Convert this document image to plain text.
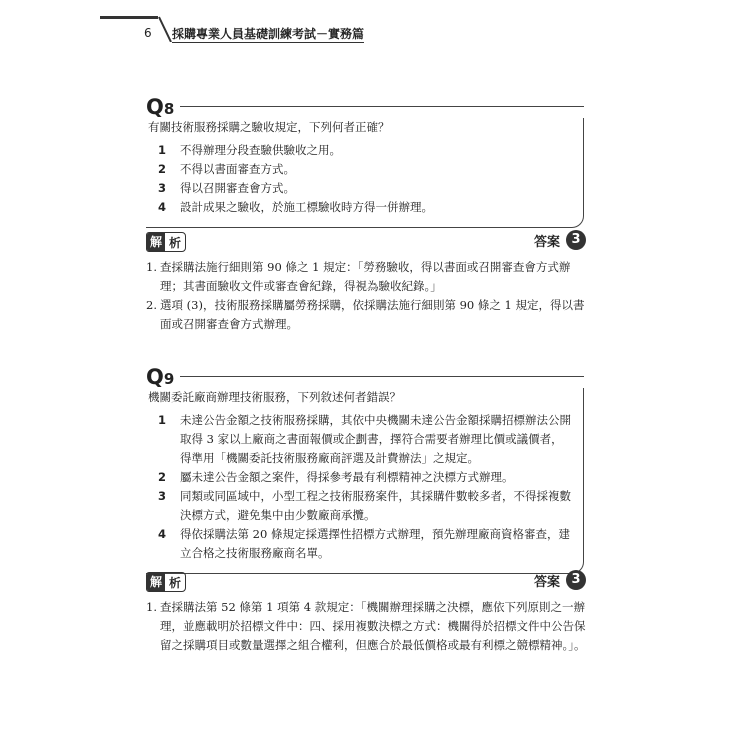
6 採購專業人員基礎訓練考試－實務篇
Q8
有關技術服務採購之驗收規定，下列何者正確？
1	不得辦理分段查驗供驗收之用。
2	不得以書面審查方式。
3	得以召開審查會方式。
4	設計成果之驗收，於施工標驗收時方得一併辦理。
解 析	答案 3
1. 查採購法施行細則第 90 條之 1 規定：「勞務驗收，得以書面或召開審查會方式辦理；其書面驗收文件或審查會紀錄，得視為驗收紀錄。」
2. 選項 (3)，技術服務採購屬勞務採購，依採購法施行細則第 90 條之 1 規定，得以書面或召開審查會方式辦理。
Q9
機關委託廠商辦理技術服務，下列敘述何者錯誤？
1	未達公告金額之技術服務採購，其依中央機關未達公告金額採購招標辦法公開取得 3 家以上廠商之書面報價或企劃書，擇符合需要者辦理比價或議價者，得準用「機關委託技術服務廠商評選及計費辦法」之規定。
2	屬未達公告金額之案件，得採參考最有利標精神之決標方式辦理。
3	同類或同區域中，小型工程之技術服務案件，其採購件數較多者，不得採複數決標方式，避免集中由少數廠商承攬。
4	得依採購法第 20 條規定採選擇性招標方式辦理，預先辦理廠商資格審查，建立合格之技術服務廠商名單。
解 析	答案 3
1. 查採購法第 52 條第 1 項第 4 款規定：「機關辦理採購之決標，應依下列原則之一辦理，並應載明於招標文件中：四、採用複數決標之方式：機關得於招標文件中公告保留之採購項目或數量選擇之組合權利，但應合於最低價格或最有利標之競標精神。」。
